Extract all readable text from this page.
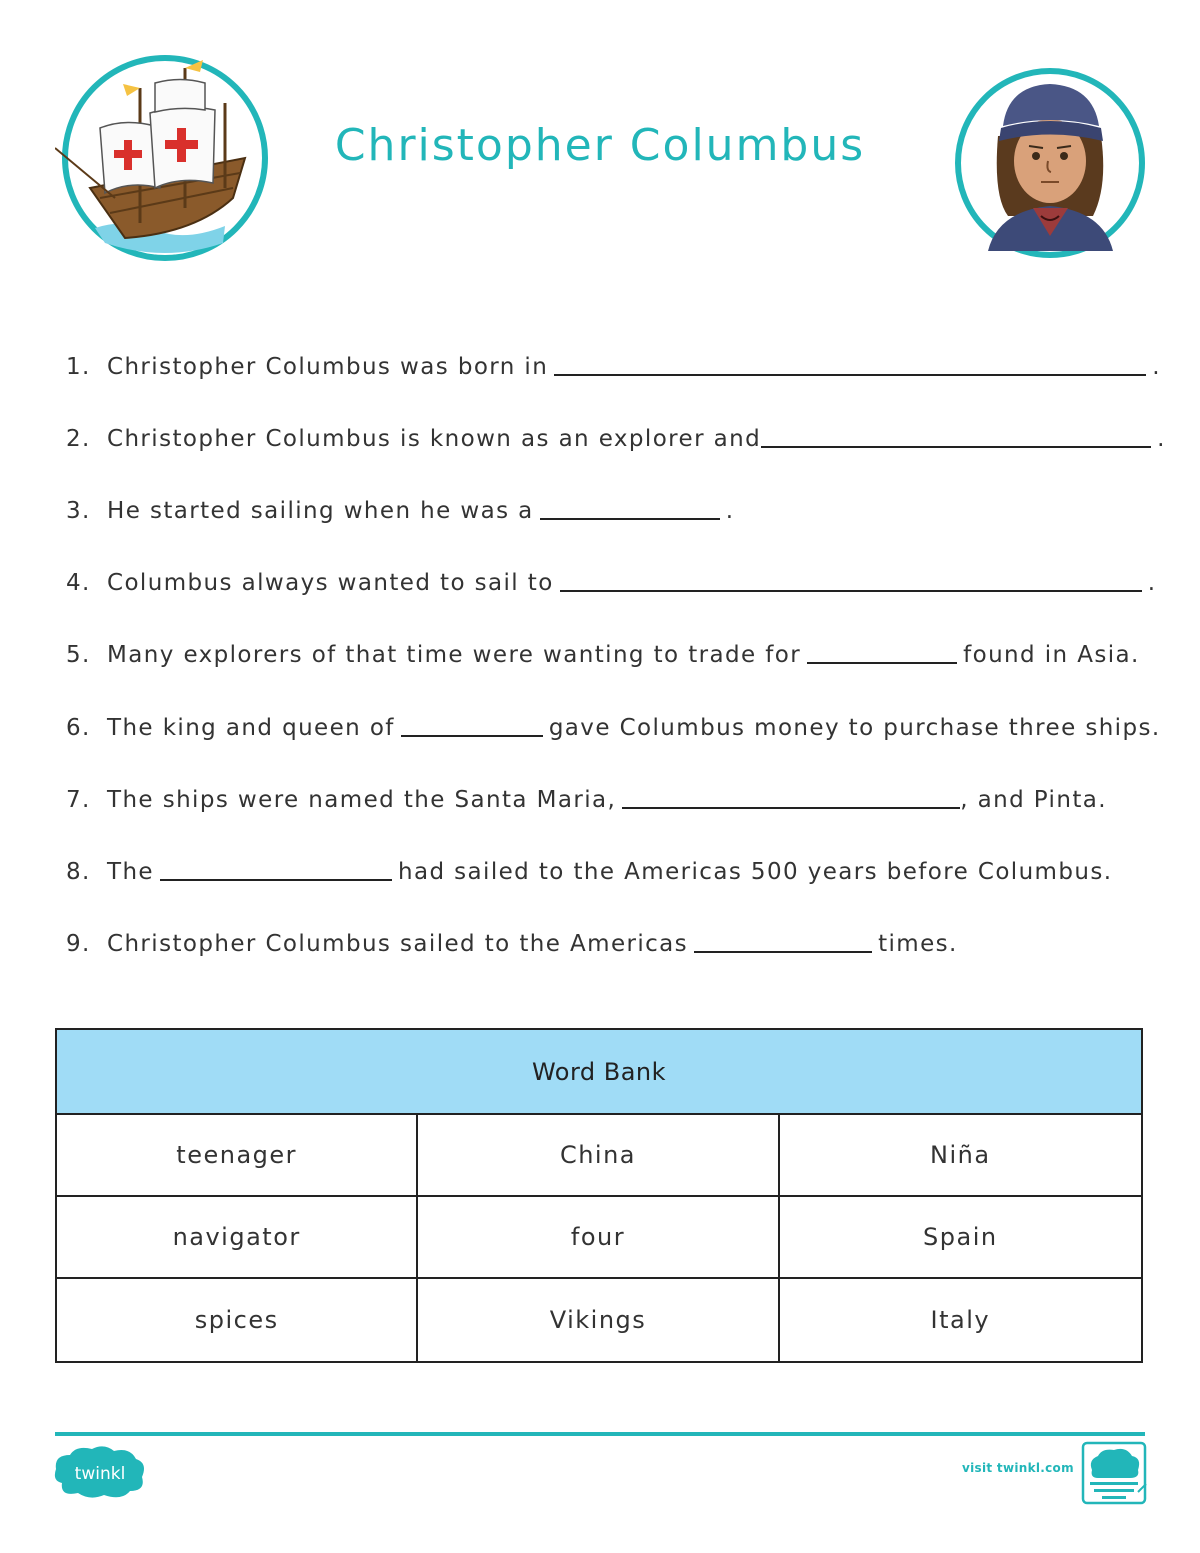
Christopher Columbus
1. Christopher Columbus was born in	.
2. Christopher Columbus is known as an explorer and	.
3. He started sailing when he was a	.
4. Columbus always wanted to sail to	.
5. Many explorers of that time were wanting to trade for	found in Asia.
6. The king and queen of	gave Columbus money to purchase three ships.
7. The ships were named the Santa Maria,	, and Pinta.
8. The	had sailed to the Americas 500 years before Columbus.
9. Christopher Columbus sailed to the Americas	times.
Word Bank
teenager	China	Niña
navigator	four	Spain
spices	Vikings	Italy
twinkl	visit twinkl.com
